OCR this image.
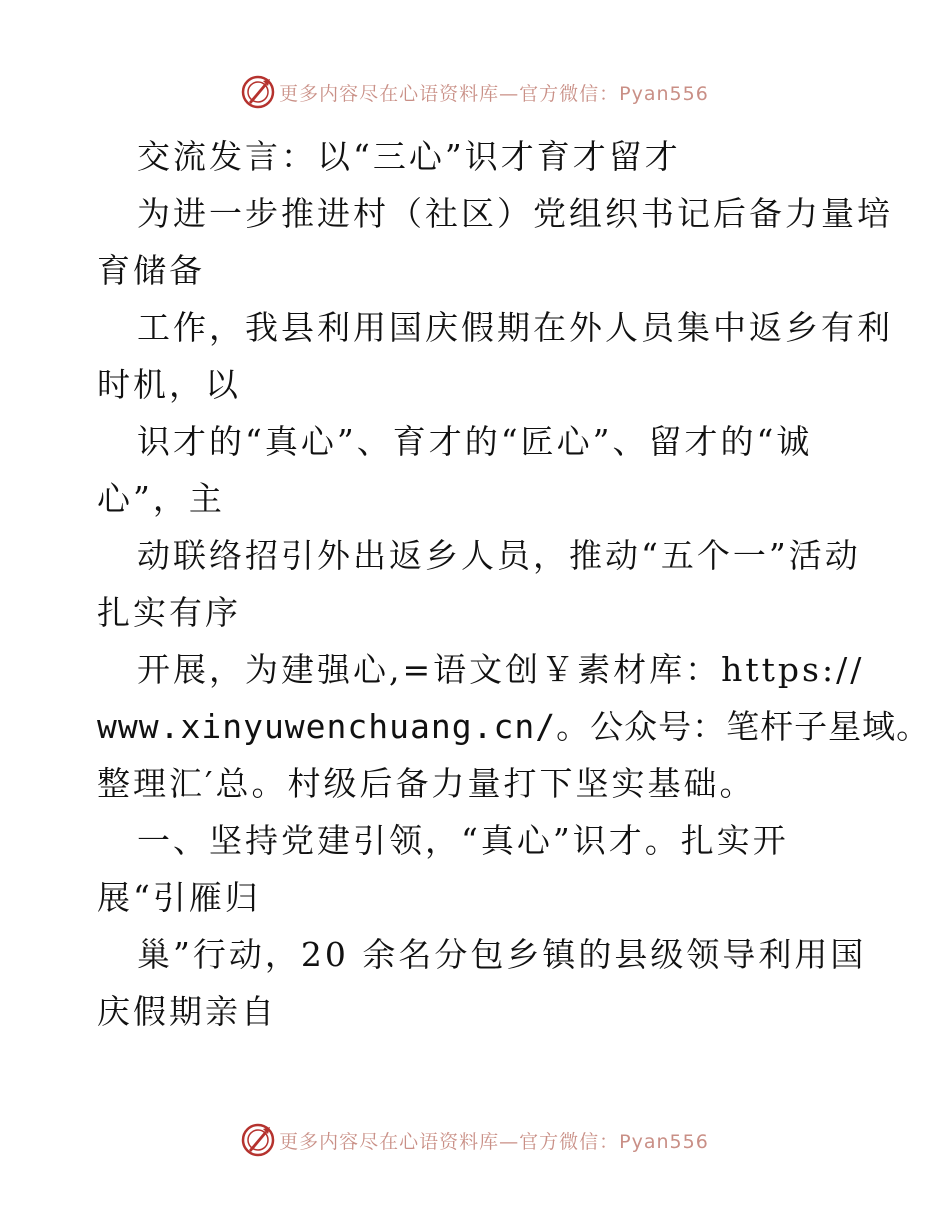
更多内容尽在心语资料库—官方微信：Pyan556
交流发言：以“三心”识才育才留才
为进一步推进村（社区）党组织书记后备力量培
育储备
工作，我县利用国庆假期在外人员集中返乡有利
时机，以
识才的“真心”、育才的“匠心”、留才的“诚
心”，主
动联络招引外出返乡人员，推动“五个一”活动
扎实有序
开展，为建强心,=语文创￥素材库：https://
www.xinyuwenchuang.cn/。公众号：笔杆子星域。
整理汇′总。村级后备力量打下坚实基础。
一、坚持党建引领，“真心”识才。扎实开
展“引雁归
巢”行动，20 余名分包乡镇的县级领导利用国
庆假期亲自
更多内容尽在心语资料库—官方微信：Pyan556
